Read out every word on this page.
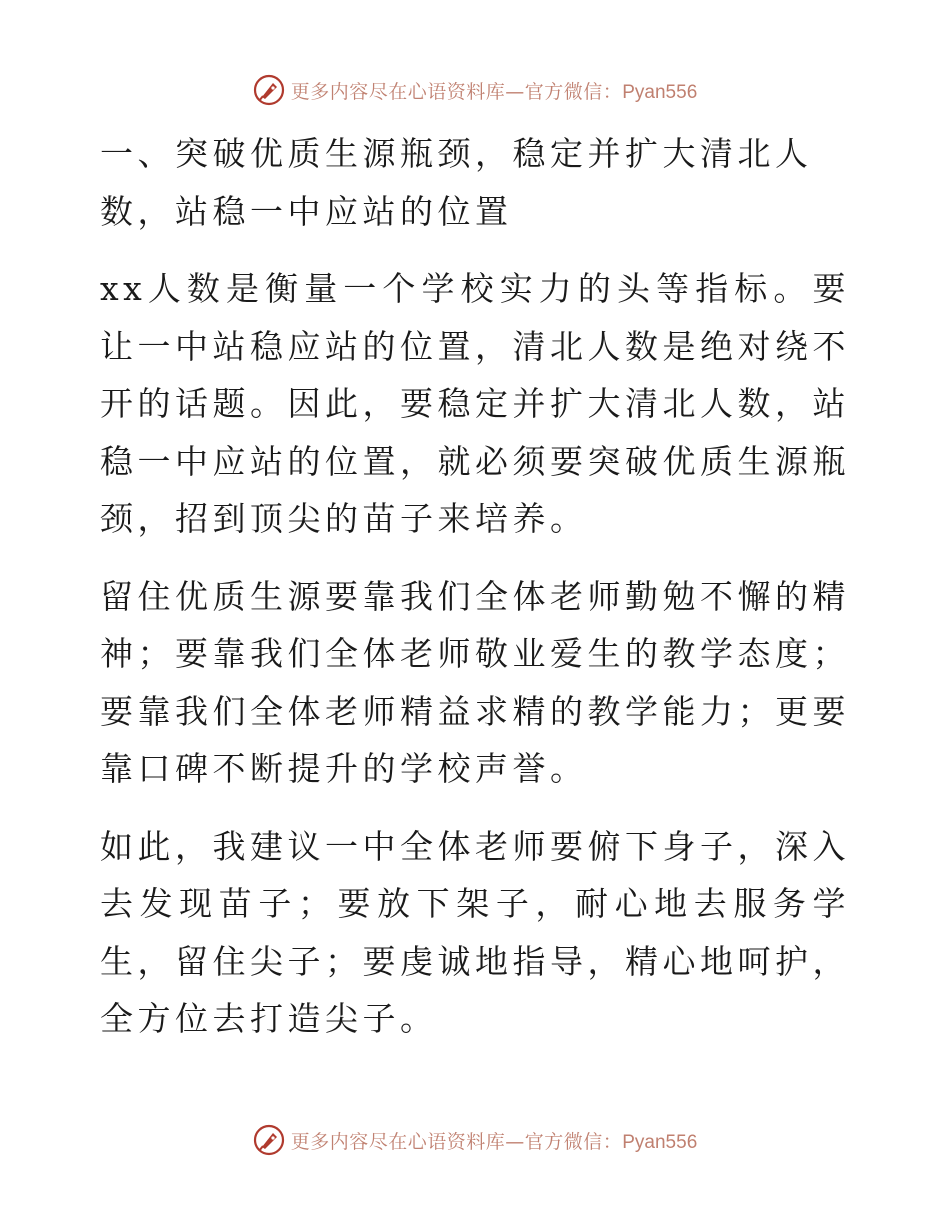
更多内容尽在心语资料库—官方微信：Pyan556

一、突破优质生源瓶颈，稳定并扩大清北人数，站稳一中应站的位置

xx人数是衡量一个学校实力的头等指标。要让一中站稳应站的位置，清北人数是绝对绕不开的话题。因此，要稳定并扩大清北人数，站稳一中应站的位置，就必须要突破优质生源瓶颈，招到顶尖的苗子来培养。

留住优质生源要靠我们全体老师勤勉不懈的精神；要靠我们全体老师敬业爱生的教学态度；要靠我们全体老师精益求精的教学能力；更要靠口碑不断提升的学校声誉。

如此，我建议一中全体老师要俯下身子，深入去发现苗子；要放下架子，耐心地去服务学生，留住尖子；要虔诚地指导，精心地呵护，全方位去打造尖子。

更多内容尽在心语资料库—官方微信：Pyan556
